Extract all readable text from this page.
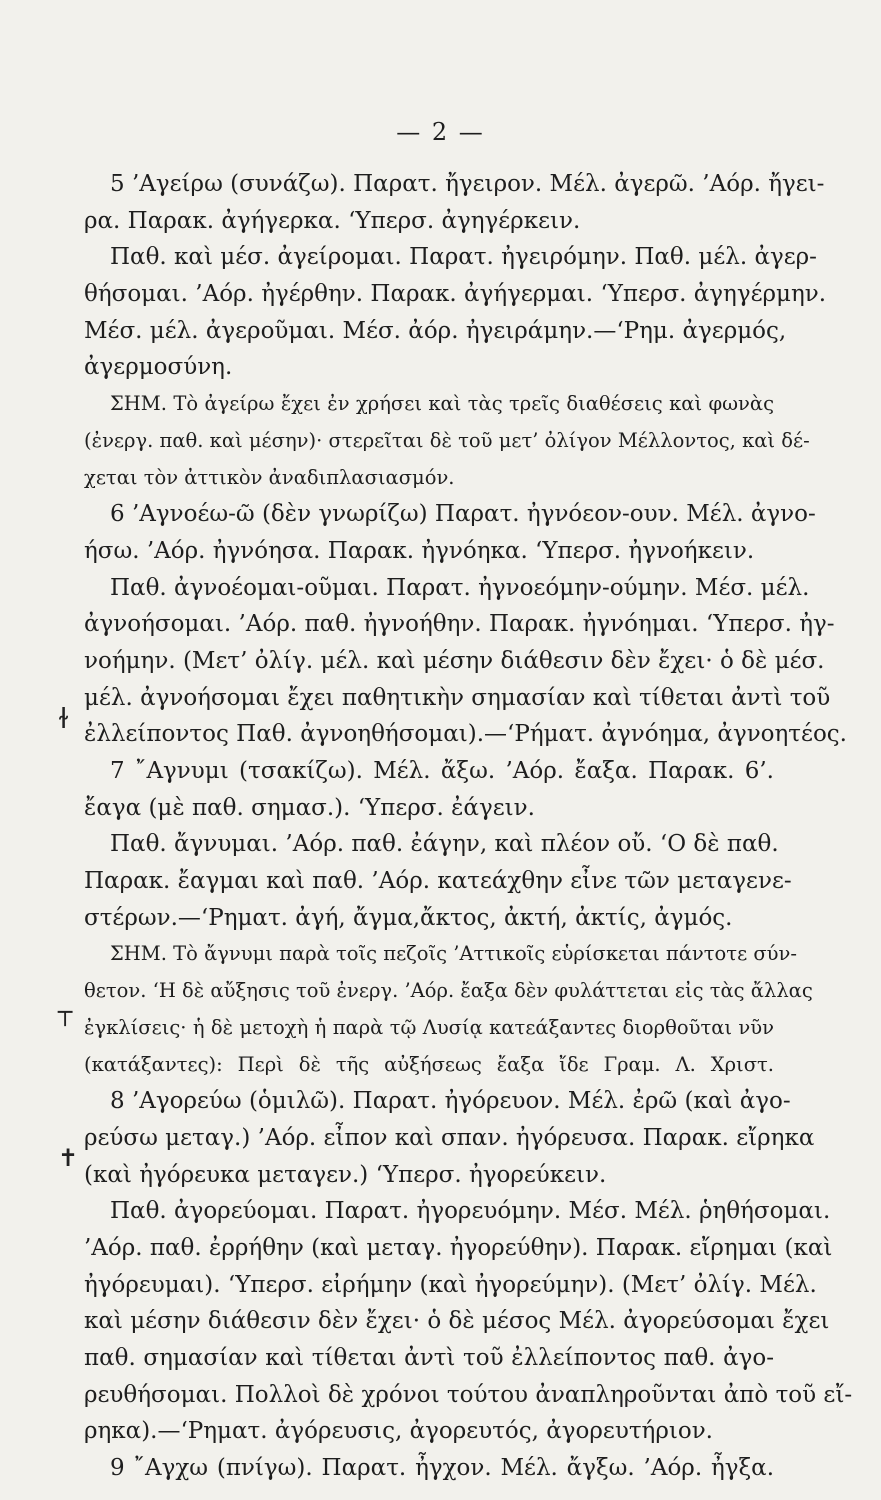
— 2 —
5 ’Αγείρω (συνάζω). Παρατ. ἤγειρον. Μέλ. ἀγερῶ. ’Αόρ. ἤγει-
ρα. Παρακ. ἀγήγερκα. ‘Υπερσ. ἀγηγέρκειν.
Παθ. καὶ μέσ. ἀγείρομαι. Παρατ. ἠγειρόμην. Παθ. μέλ. ἀγερ-
θήσομαι. ’Αόρ. ἠγέρθην. Παρακ. ἀγήγερμαι. ‘Υπερσ. ἀγηγέρμην.
Μέσ. μέλ. ἀγεροῦμαι. Μέσ. ἀόρ. ἠγειράμην.—‘Ρημ. ἀγερμός,
ἀγερμοσύνη.
ΣΗΜ. Τὸ ἀγείρω ἔχει ἐν χρήσει καὶ τὰς τρεῖς διαθέσεις καὶ φωνὰς
(ἐνεργ. παθ. καὶ μέσην)· στερεῖται δὲ τοῦ μετ’ ὀλίγον Μέλλοντος, καὶ δέ-
χεται τὸν ἀττικὸν ἀναδιπλασιασμόν.
6 ’Αγνοέω-ῶ (δὲν γνωρίζω) Παρατ. ἠγνόεον-ουν. Μέλ. ἀγνο-
ήσω. ’Αόρ. ἠγνόησα. Παρακ. ἠγνόηκα. ‘Υπερσ. ἠγνοήκειν.
Παθ. ἀγνοέομαι-οῦμαι. Παρατ. ἠγνοεόμην-ούμην. Μέσ. μέλ.
ἀγνοήσομαι. ’Αόρ. παθ. ἠγνοήθην. Παρακ. ἠγνόημαι. ‘Υπερσ. ἠγ-
νοήμην. (Μετ’ ὀλίγ. μέλ. καὶ μέσην διάθεσιν δὲν ἔχει· ὁ δὲ μέσ.
μέλ. ἀγνοήσομαι ἔχει παθητικὴν σημασίαν καὶ τίθεται ἀντὶ τοῦ
ἐλλείποντος Παθ. ἀγνοηθήσομαι).—‘Ρήματ. ἀγνόημα, ἀγνοητέος.
7 ῎Αγνυμι (τσακίζω). Μέλ. ἄξω. ’Αόρ. ἔαξα. Παρακ. 6’.
ἔαγα (μὲ παθ. σημασ.). ‘Υπερσ. ἐάγειν.
Παθ. ἄγνυμαι. ’Αόρ. παθ. ἐάγην, καὶ πλέον οὔ. ‘Ο δὲ παθ.
Παρακ. ἔαγμαι καὶ παθ. ’Αόρ. κατεάχθην εἶνε τῶν μεταγενε-
στέρων.—‘Ρηματ. ἀγή, ἄγμα,ἄκτος, ἀκτή, ἀκτίς, ἀγμός.
ΣΗΜ. Τὸ ἄγνυμι παρὰ τοῖς πεζοῖς ’Αττικοῖς εὑρίσκεται πάντοτε σύν-
θετον. ‘Η δὲ αὔξησις τοῦ ἐνεργ. ’Αόρ. ἔαξα δὲν φυλάττεται εἰς τὰς ἄλλας
ἐγκλίσεις· ἡ δὲ μετοχὴ ἡ παρὰ τῷ Λυσίᾳ κατεάξαντες διορθοῦται νῦν
(κατάξαντες): Περὶ δὲ τῆς αὐξήσεως ἔαξα ἴδε Γραμ. Λ. Χριστ.
8 ’Αγορεύω (ὁμιλῶ). Παρατ. ἠγόρευον. Μέλ. ἐρῶ (καὶ ἀγο-
ρεύσω μεταγ.) ’Αόρ. εἶπον καὶ σπαν. ἠγόρευσα. Παρακ. εἴρηκα
(καὶ ἠγόρευκα μεταγεν.) ‘Υπερσ. ἠγορεύκειν.
Παθ. ἀγορεύομαι. Παρατ. ἠγορευόμην. Μέσ. Μέλ. ῥηθήσομαι.
’Αόρ. παθ. ἐρρήθην (καὶ μεταγ. ἠγορεύθην). Παρακ. εἴρημαι (καὶ
ἠγόρευμαι). ‘Υπερσ. εἰρήμην (καὶ ἠγορεύμην). (Μετ’ ὀλίγ. Μέλ.
καὶ μέσην διάθεσιν δὲν ἔχει· ὁ δὲ μέσος Μέλ. ἀγορεύσομαι ἔχει
παθ. σημασίαν καὶ τίθεται ἀντὶ τοῦ ἐλλείποντος παθ. ἀγο-
ρευθήσομαι. Πολλοὶ δὲ χρόνοι τούτου ἀναπληροῦνται ἀπὸ τοῦ εἴ-
ρηκα).—‘Ρηματ. ἀγόρευσις, ἀγορευτός, ἀγορευτήριον.
9 ῎Αγχω (πνίγω). Παρατ. ἦγχον. Μέλ. ἄγξω. ’Αόρ. ἦγξα.
ɫ
┬
✝
